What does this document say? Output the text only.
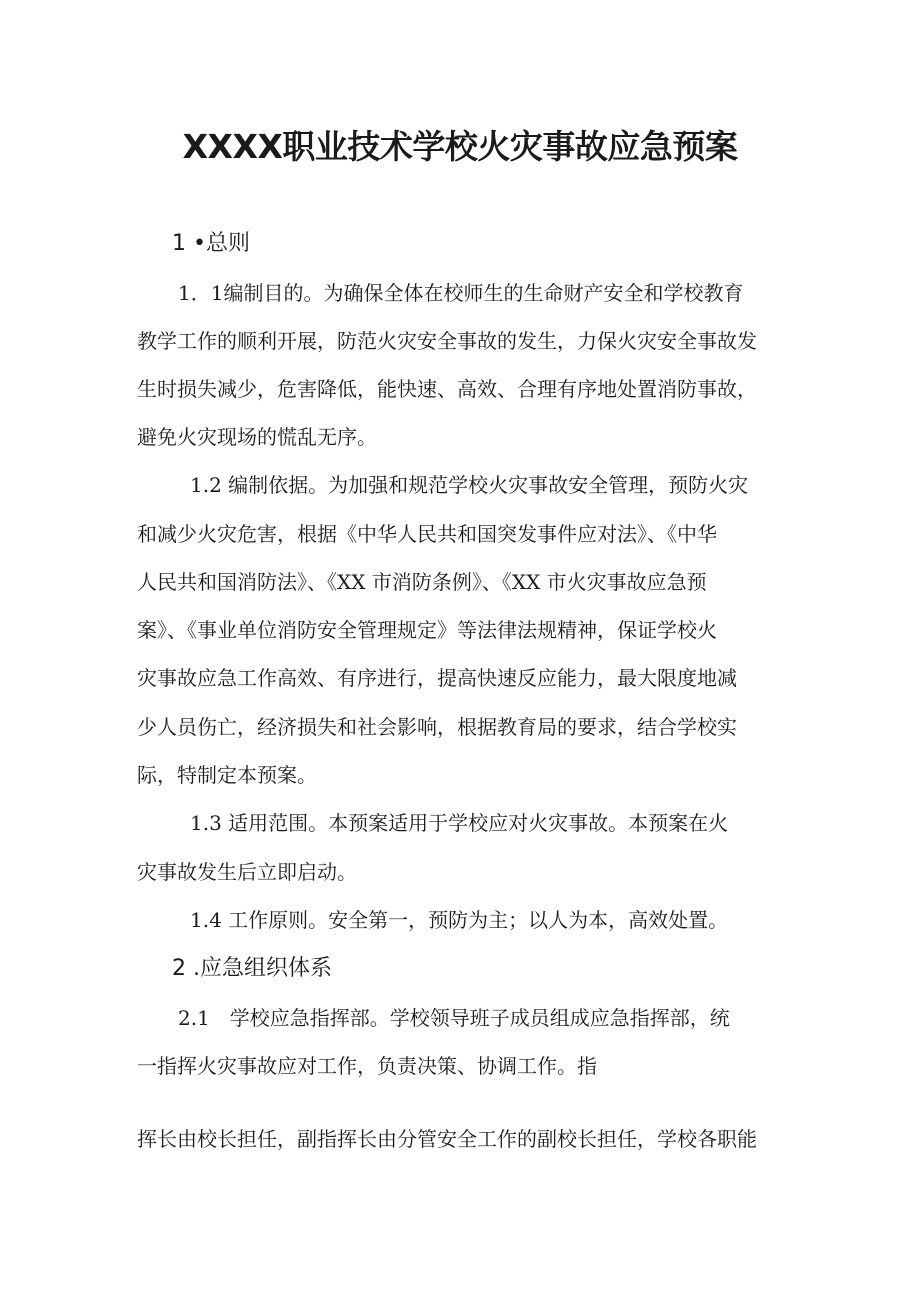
XXXX职业技术学校火灾事故应急预案
1 •总则
1．1编制目的。为确保全体在校师生的生命财产安全和学校教育
教学工作的顺利开展，防范火灾安全事故的发生，力保火灾安全事故发
生时损失减少，危害降低，能快速、高效、合理有序地处置消防事故，
避免火灾现场的慌乱无序。
1.2 编制依据。为加强和规范学校火灾事故安全管理，预防火灾
和减少火灾危害，根据《中华人民共和国突发事件应对法》、《中华
人民共和国消防法》、《XX 市消防条例》、《XX 市火灾事故应急预
案》、《事业单位消防安全管理规定》等法律法规精神，保证学校火
灾事故应急工作高效、有序进行，提高快速反应能力，最大限度地减
少人员伤亡，经济损失和社会影响，根据教育局的要求，结合学校实
际，特制定本预案。
1.3 适用范围。本预案适用于学校应对火灾事故。本预案在火
灾事故发生后立即启动。
1.4 工作原则。安全第一，预防为主；以人为本，高效处置。
2 .应急组织体系
2.1　学校应急指挥部。学校领导班子成员组成应急指挥部，统
一指挥火灾事故应对工作，负责决策、协调工作。指
挥长由校长担任，副指挥长由分管安全工作的副校长担任，学校各职能
